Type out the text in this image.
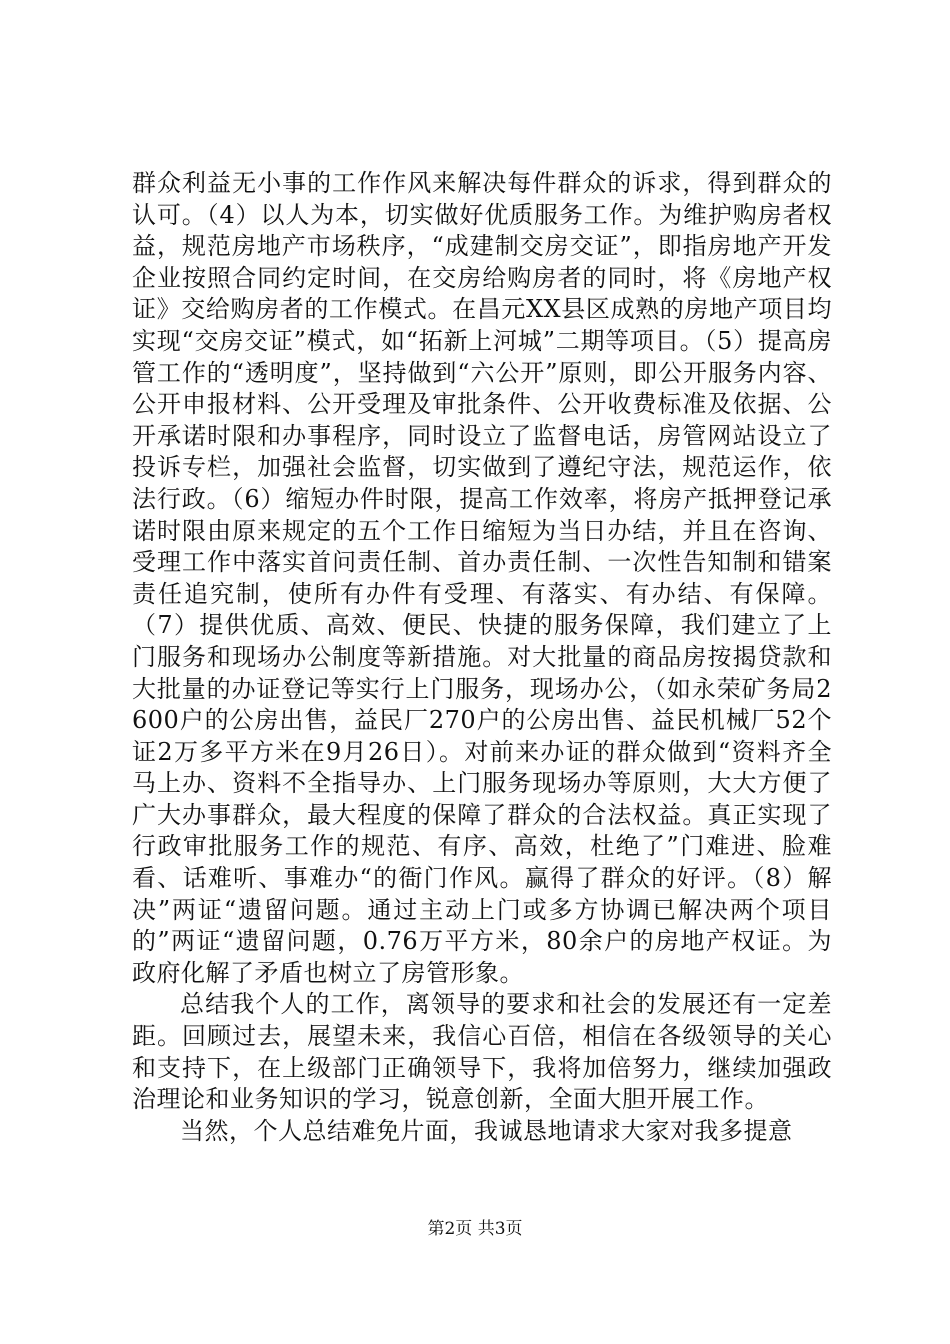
群众利益无小事的工作作风来解决每件群众的诉求，得到群众的认可。（4）以人为本，切实做好优质服务工作。为维护购房者权益，规范房地产市场秩序，“成建制交房交证”，即指房地产开发企业按照合同约定时间，在交房给购房者的同时，将《房地产权证》交给购房者的工作模式。在昌元XX县区成熟的房地产项目均实现“交房交证”模式，如“拓新上河城”二期等项目。（5）提高房管工作的“透明度”，坚持做到“六公开”原则，即公开服务内容、公开申报材料、公开受理及审批条件、公开收费标准及依据、公开承诺时限和办事程序，同时设立了监督电话，房管网站设立了投诉专栏，加强社会监督，切实做到了遵纪守法，规范运作，依法行政。（6）缩短办件时限，提高工作效率，将房产抵押登记承诺时限由原来规定的五个工作日缩短为当日办结，并且在咨询、受理工作中落实首问责任制、首办责任制、一次性告知制和错案责任追究制，使所有办件有受理、有落实、有办结、有保障。（7）提供优质、高效、便民、快捷的服务保障，我们建立了上门服务和现场办公制度等新措施。对大批量的商品房按揭贷款和大批量的办证登记等实行上门服务，现场办公，（如永荣矿务局2600户的公房出售，益民厂270户的公房出售、益民机械厂52个证2万多平方米在9月26日）。对前来办证的群众做到“资料齐全马上办、资料不全指导办、上门服务现场办等原则，大大方便了广大办事群众，最大程度的保障了群众的合法权益。真正实现了行政审批服务工作的规范、有序、高效，杜绝了”门难进、脸难看、话难听、事难办“的衙门作风。赢得了群众的好评。（8）解决”两证“遗留问题。通过主动上门或多方协调已解决两个项目的”两证“遗留问题，0.76万平方米，80余户的房地产权证。为政府化解了矛盾也树立了房管形象。

总结我个人的工作，离领导的要求和社会的发展还有一定差距。回顾过去，展望未来，我信心百倍，相信在各级领导的关心和支持下，在上级部门正确领导下，我将加倍努力，继续加强政治理论和业务知识的学习，锐意创新，全面大胆开展工作。

当然，个人总结难免片面，我诚恳地请求大家对我多提意

第2页 共3页
